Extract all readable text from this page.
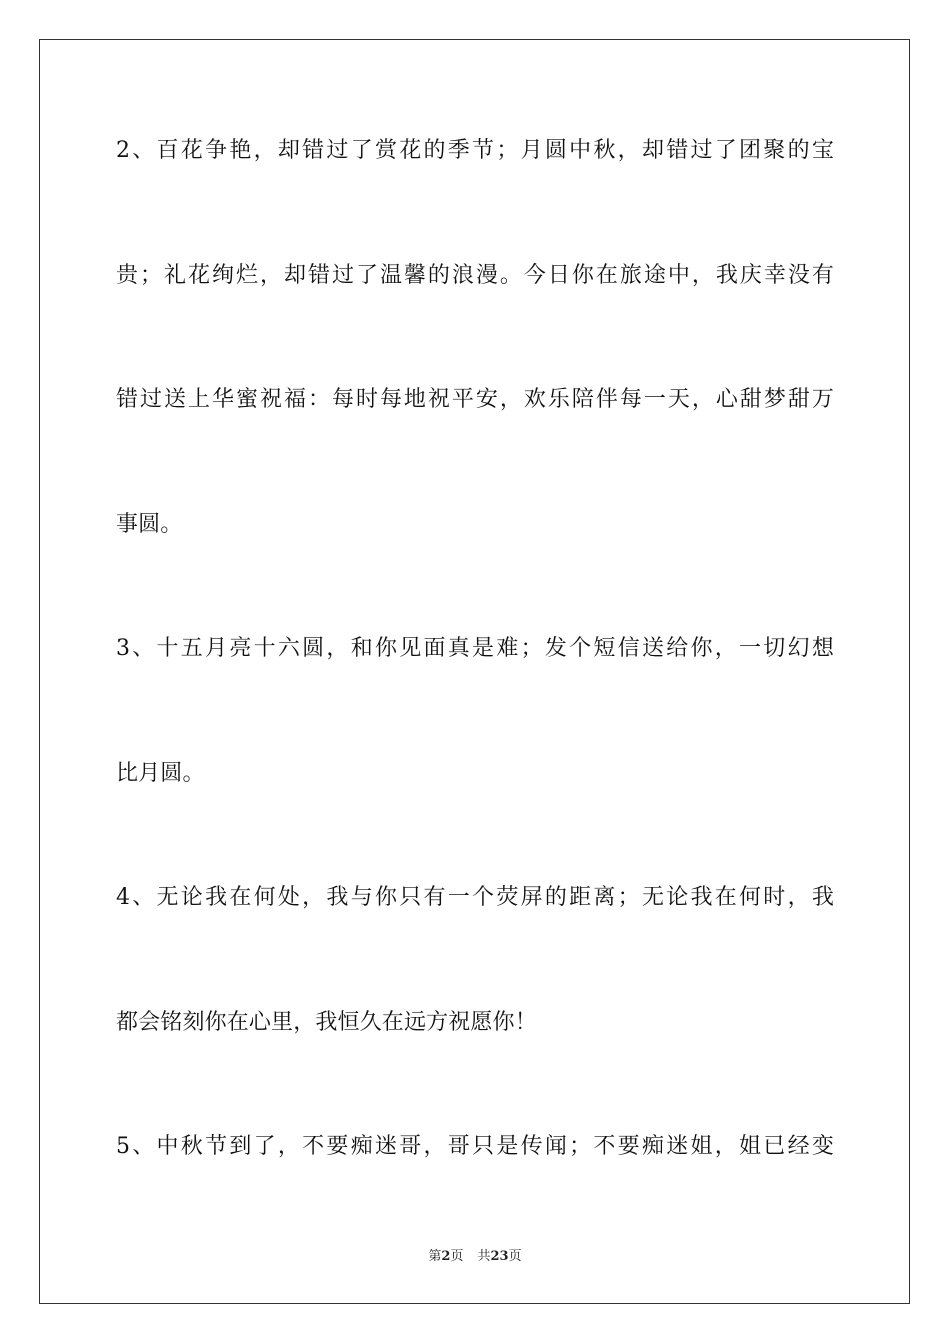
2、百花争艳，却错过了赏花的季节；月圆中秋，却错过了团聚的宝
贵；礼花绚烂，却错过了温馨的浪漫。今日你在旅途中，我庆幸没有
错过送上华蜜祝福：每时每地祝平安，欢乐陪伴每一天，心甜梦甜万
事圆。
3、十五月亮十六圆，和你见面真是难；发个短信送给你，一切幻想
比月圆。
4、无论我在何处，我与你只有一个荧屏的距离；无论我在何时，我
都会铭刻你在心里，我恒久在远方祝愿你！
5、中秋节到了，不要痴迷哥，哥只是传闻；不要痴迷姐，姐已经变
第2页 共23页
